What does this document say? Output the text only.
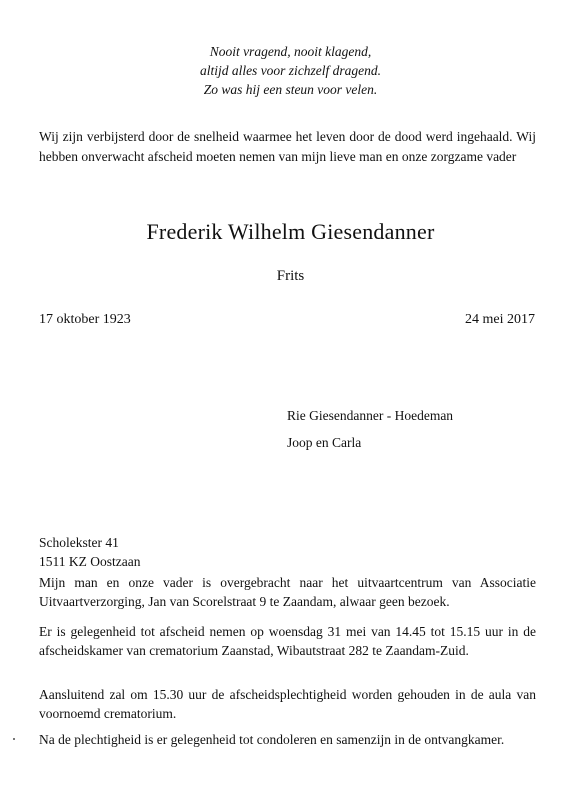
Nooit vragend, nooit klagend,
altijd alles voor zichzelf dragend.
Zo was hij een steun voor velen.
Wij zijn verbijsterd door de snelheid waarmee het leven door de dood werd ingehaald. Wij hebben onverwacht afscheid moeten nemen van mijn lieve man en onze zorgzame vader
Frederik Wilhelm Giesendanner
Frits
17 oktober 1923	24 mei 2017
Rie Giesendanner - Hoedeman
Joop en Carla
Scholekster 41
1511 KZ Oostzaan
Mijn man en onze vader is overgebracht naar het uitvaartcentrum van Associatie Uitvaartverzorging, Jan van Scorelstraat 9 te Zaandam, alwaar geen bezoek.
Er is gelegenheid tot afscheid nemen op woensdag 31 mei van 14.45 tot 15.15 uur in de afscheidskamer van crematorium Zaanstad, Wibautstraat 282 te Zaandam-Zuid.
Aansluitend zal om 15.30 uur de afscheidsplechtigheid worden gehouden in de aula van voornoemd crematorium.
Na de plechtigheid is er gelegenheid tot condoleren en samenzijn in de ontvangkamer.
